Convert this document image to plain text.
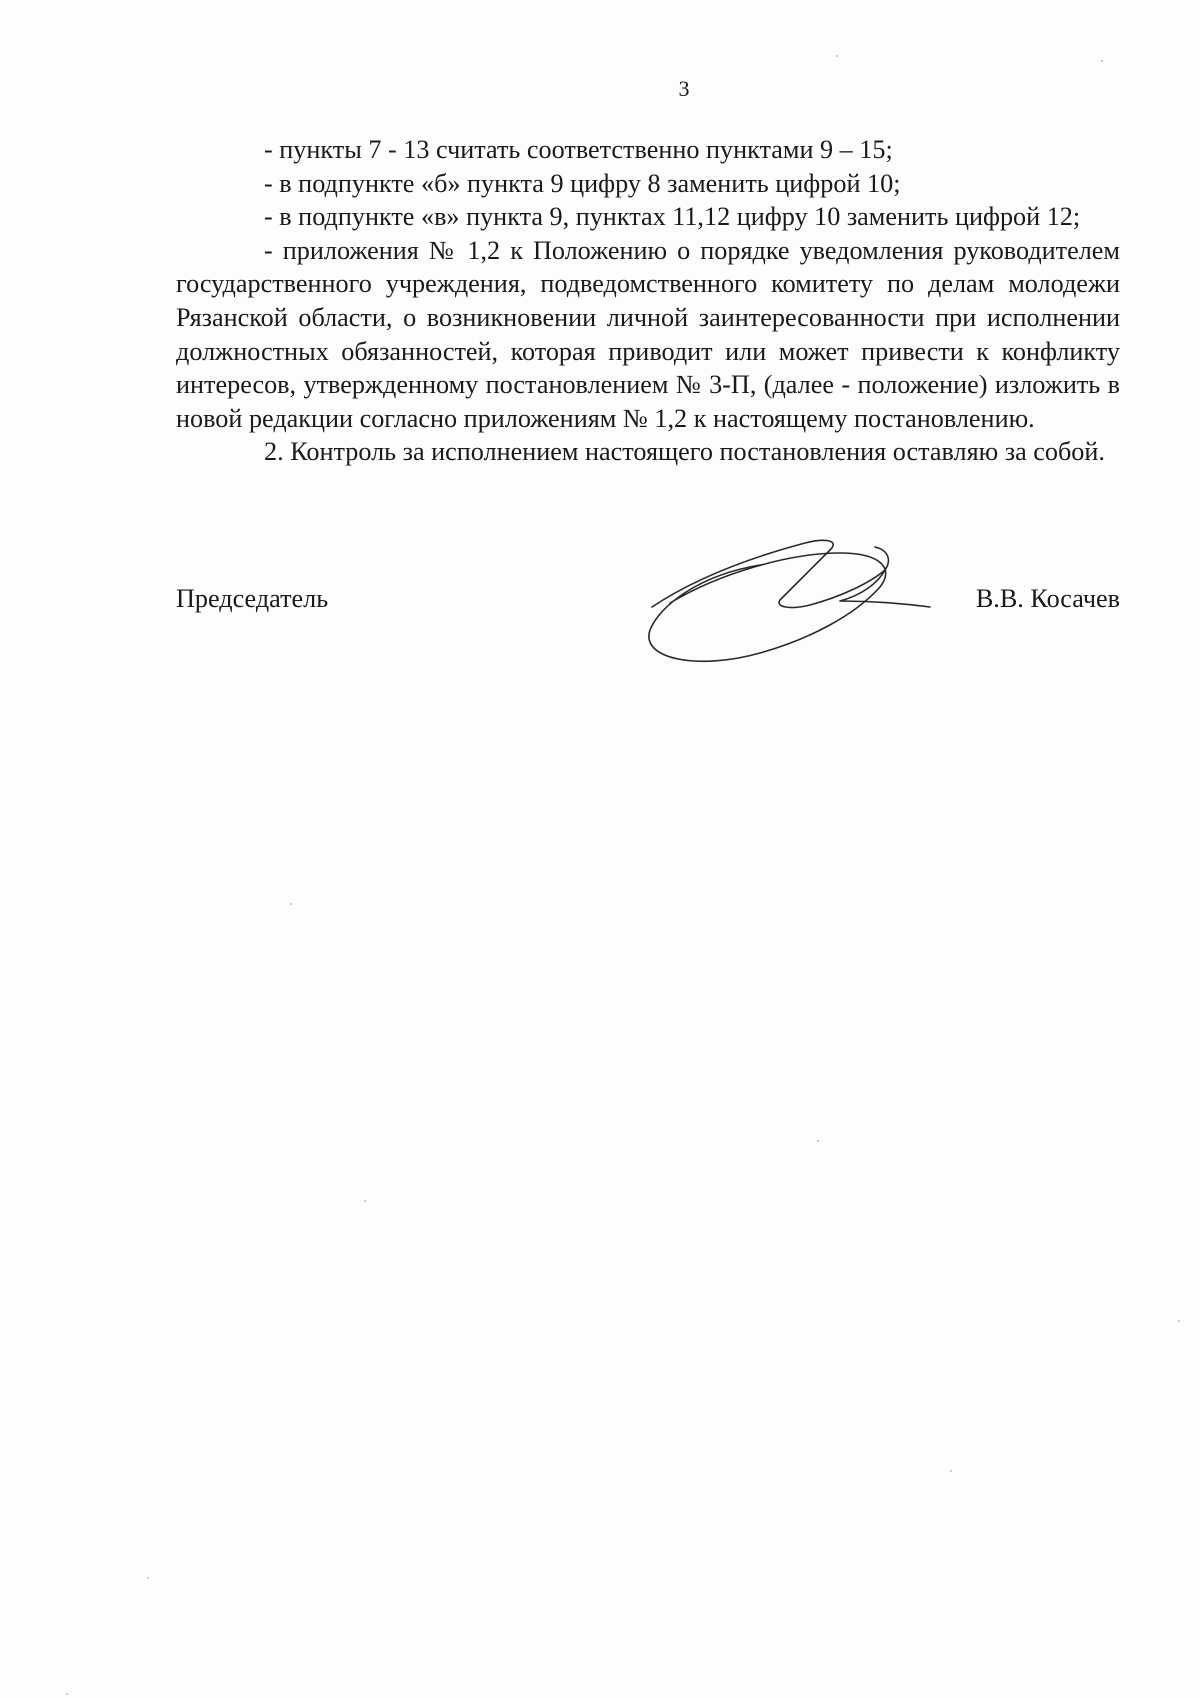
3

- пункты 7 - 13 считать соответственно пунктами 9 – 15;

- в подпункте «б» пункта 9 цифру 8 заменить цифрой 10;

- в подпункте «в» пункта 9, пунктах 11,12 цифру 10 заменить цифрой 12;

- приложения № 1,2 к Положению о порядке уведомления руководителем государственного учреждения, подведомственного комитету по делам молодежи Рязанской области, о возникновении личной заинтересованности при исполнении должностных обязанностей, которая приводит или может привести к конфликту интересов, утвержденному постановлением № 3-П, (далее - положение) изложить в новой редакции согласно приложениям № 1,2 к настоящему постановлению.

2. Контроль за исполнением настоящего постановления оставляю за собой.

Председатель	В.В. Косачев
